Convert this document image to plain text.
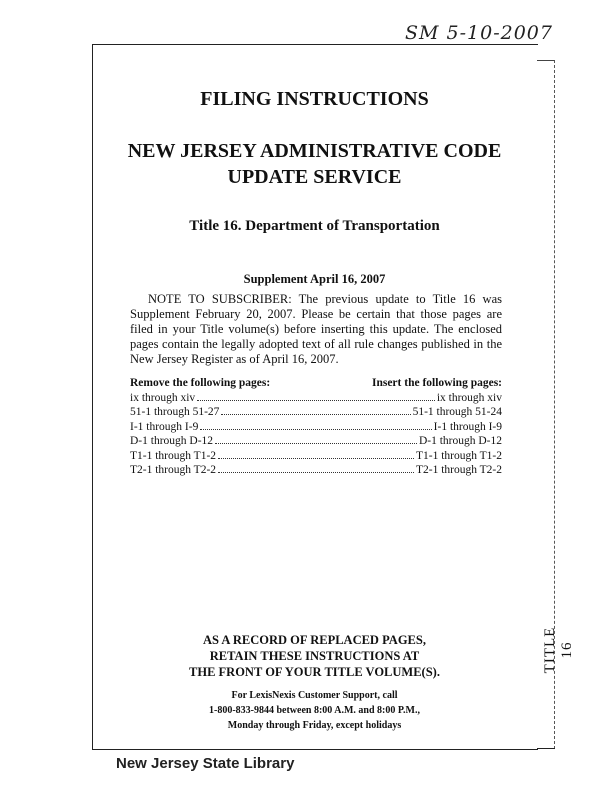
SM 5-10-2007
TITLE 16
FILING INSTRUCTIONS
NEW JERSEY ADMINISTRATIVE CODE
UPDATE SERVICE
Title 16. Department of Transportation
Supplement April 16, 2007
NOTE TO SUBSCRIBER: The previous update to Title 16 was Supplement February 20, 2007. Please be certain that those pages are filed in your Title volume(s) before inserting this update. The enclosed pages contain the legally adopted text of all rule changes published in the New Jersey Register as of April 16, 2007.
Remove the following pages:	Insert the following pages:
ix through xiv	ix through xiv
51-1 through 51-27	51-1 through 51-24
I-1 through I-9	I-1 through I-9
D-1 through D-12	D-1 through D-12
T1-1 through T1-2	T1-1 through T1-2
T2-1 through T2-2	T2-1 through T2-2
AS A RECORD OF REPLACED PAGES,
RETAIN THESE INSTRUCTIONS AT
THE FRONT OF YOUR TITLE VOLUME(S).
For LexisNexis Customer Support, call
1-800-833-9844 between 8:00 A.M. and 8:00 P.M.,
Monday through Friday, except holidays
New Jersey State Library
